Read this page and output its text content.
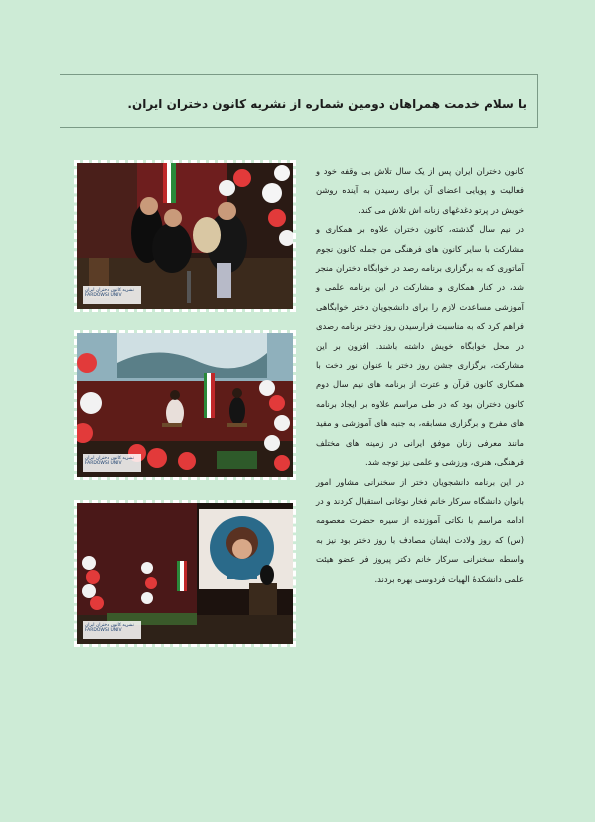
با سلام خدمت همراهان دومین شماره از نشریه کانون دختران ایران.
نشریه کانون دختران ایران
FARDOWSI UNIV
نشریه کانون دختران ایران
FARDOWSI UNIV
نشریه کانون دختران ایران
FARDOWSI UNIV

کانون دختران ایران پس از یک سال تلاش بی وقفه خود و فعالیت و پویایی اعضای آن برای رسیدن به آینده روشن خویش در پرتو دغدغهای زنانه اش تلاش می کند.

در نیم سال گذشته، کانون دختران علاوه بر همکاری و مشارکت با سایر کانون های فرهنگی من جمله کانون نجوم آماتوری که به برگزاری برنامه رصد در خوابگاه دختران منجر شد، در کنار همکاری و مشارکت در این برنامه علمی و آموزشی مساعدت لازم را برای دانشجویان دختر خوابگاهی فراهم کرد که به مناسبت فرارسیدن روز دختر برنامه رصدی در محل خوابگاه خویش داشته باشند. افزون بر این مشارکت، برگزاری جشن روز دختر با عنوان نور دخت با همکاری کانون قرآن و عترت از برنامه های نیم سال دوم کانون دختران بود که در طی مراسم علاوه بر ایجاد برنامه های مفرح و برگزاری مسابقه، به جنبه های آموزشی و مفید مانند معرفی زنان موفق ایرانی در زمینه های مختلف فرهنگی، هنری، ورزشی و علمی نیز توجه شد.

در این برنامه دانشجویان دختر از سخنرانی مشاور امور بانوان دانشگاه سرکار خانم فخار نوغانی استقبال کردند و در ادامه مراسم با نکاتی آموزنده از سیره حضرت معصومه (س) که روز ولادت ایشان مصادف با روز دختر بود نیز به واسطه سخنرانی سرکار خانم دکتر پیروز فر عضو هیئت علمی دانشکدهٔ الهیات فردوسی بهره بردند.
